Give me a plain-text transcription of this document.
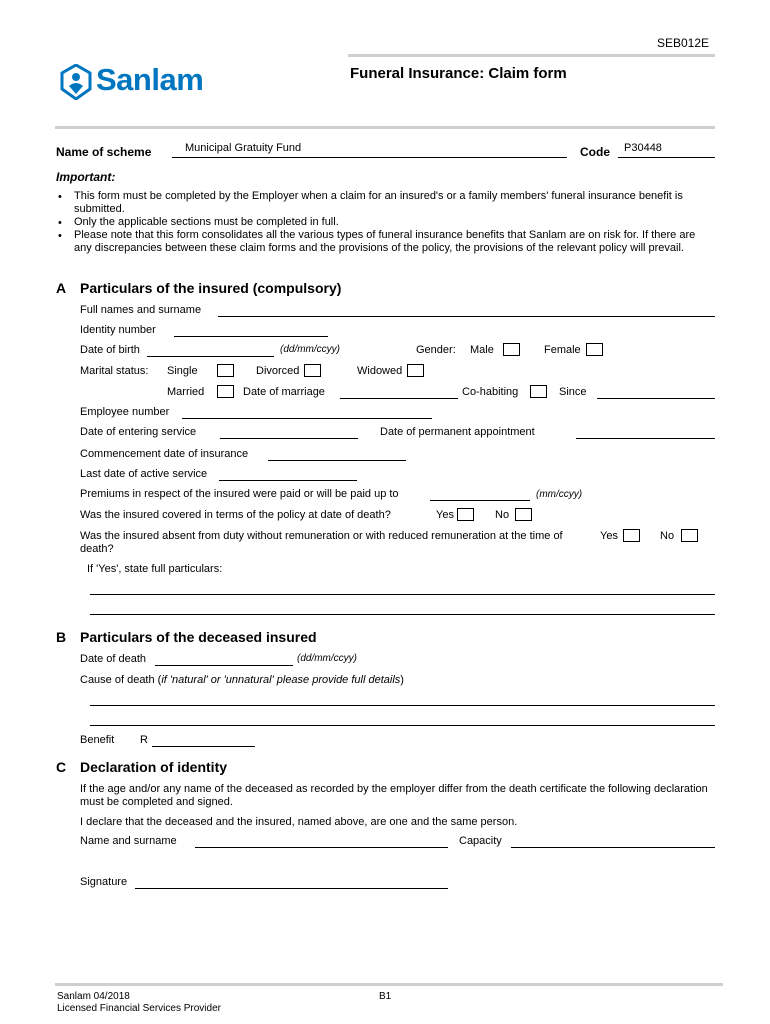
SEB012E
Sanlam	Funeral Insurance: Claim form
Name of scheme	Municipal Gratuity Fund	Code P30448
Important:
• This form must be completed by the Employer when a claim for an insured's or a family members' funeral insurance benefit is submitted.
• Only the applicable sections must be completed in full.
• Please note that this form consolidates all the various types of funeral insurance benefits that Sanlam are on risk for. If there are any discrepancies between these claim forms and the provisions of the policy, the provisions of the relevant policy will prevail.
A Particulars of the insured (compulsory)
Full names and surname
Identity number
Date of birth	(dd/mm/ccyy)	Gender: Male	Female
Marital status: Single	Divorced	Widowed
Married	Date of marriage	Co-habiting	Since
Employee number
Date of entering service	Date of permanent appointment
Commencement date of insurance
Last date of active service
Premiums in respect of the insured were paid or will be paid up to	(mm/ccyy)
Was the insured covered in terms of the policy at date of death?	Yes	No
Was the insured absent from duty without remuneration or with reduced remuneration at the time of death?
Yes	No
If 'Yes', state full particulars:
B Particulars of the deceased insured
Date of death	(dd/mm/ccyy)
Cause of death (if 'natural' or 'unnatural' please provide full details)
Benefit R
C Declaration of identity
If the age and/or any name of the deceased as recorded by the employer differ from the death certificate the following declaration must be completed and signed.
I declare that the deceased and the insured, named above, are one and the same person.
Name and surname	Capacity
Signature
Sanlam 04/2018
Licensed Financial Services Provider
B1
